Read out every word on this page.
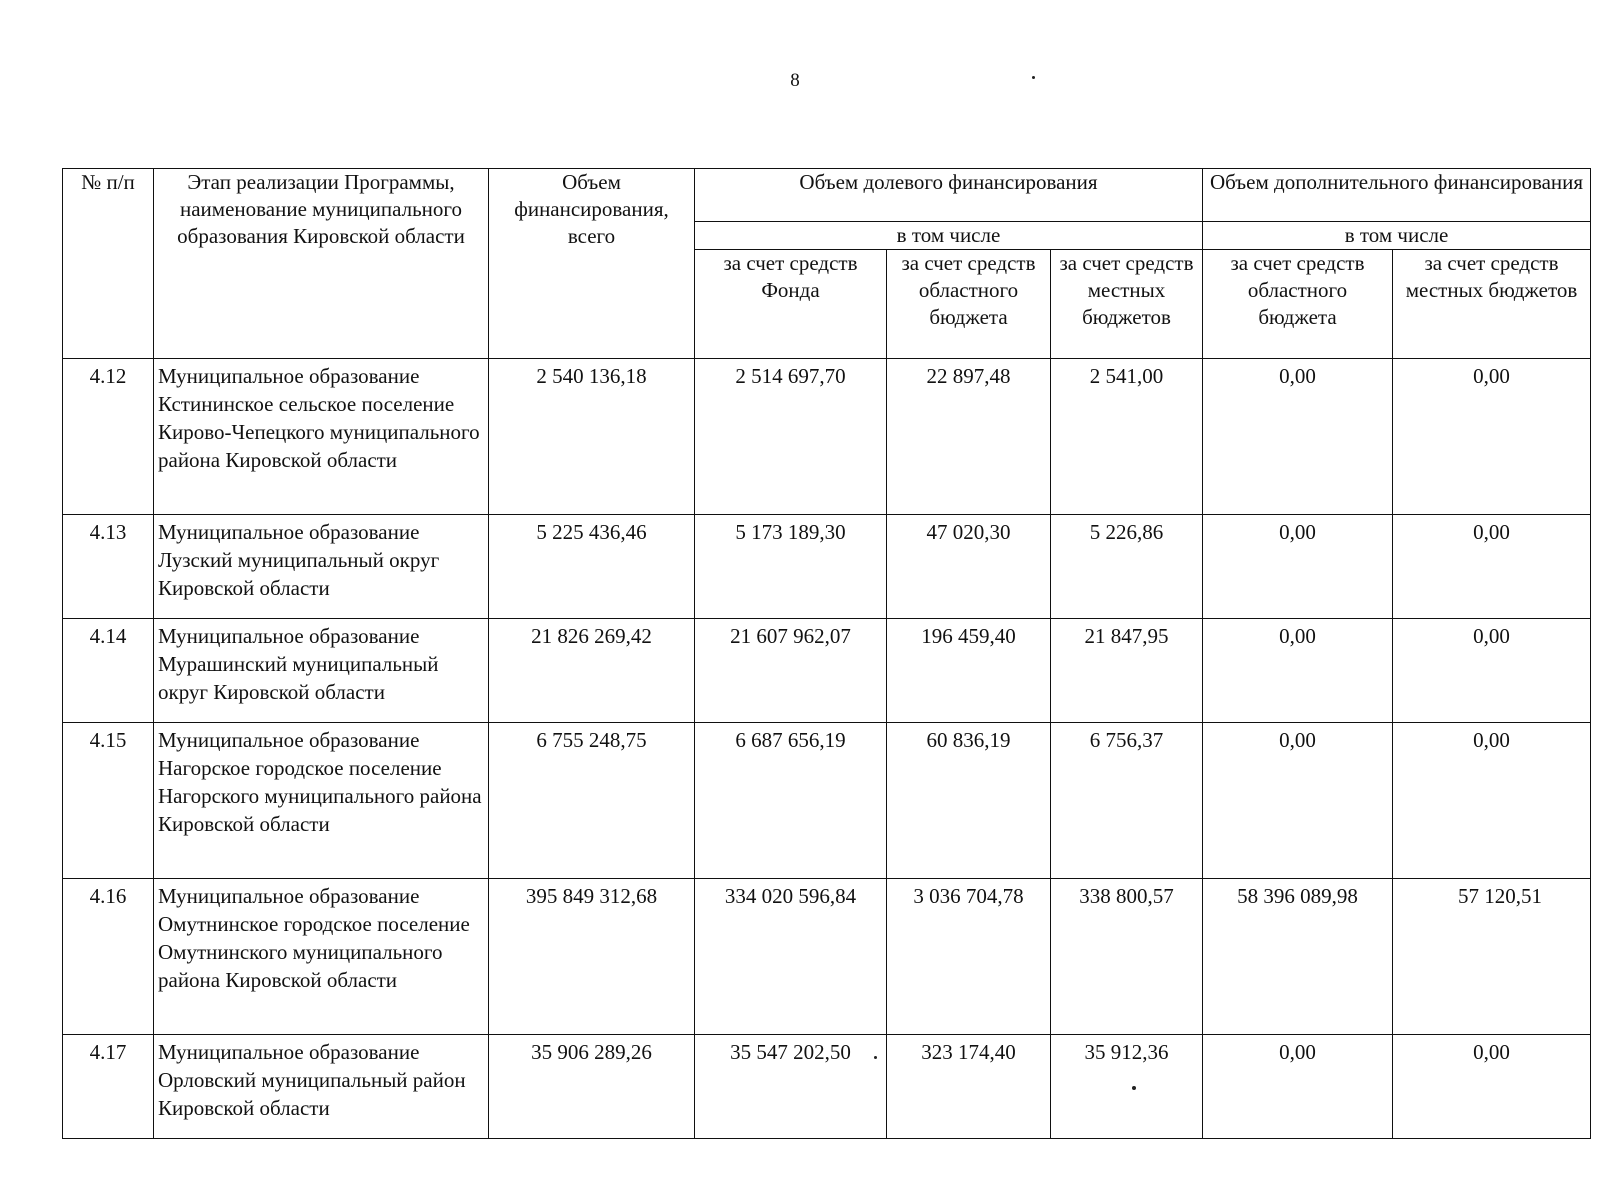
8
№ п/п	Этап реализации Программы, наименование муниципального образования Кировской области	Объем финансирования, всего	Объем долевого финансирования			Объем дополнительного финансирования	
			в том числе			в том числе	
			за счет средств Фонда	за счет средств областного бюджета	за счет средств местных бюджетов	за счет средств областного бюджета	за счет средств местных бюджетов
4.12	Муниципальное образование Кстининское сельское поселение Кирово-Чепецкого муниципального района Кировской области	2 540 136,18	2 514 697,70	22 897,48	2 541,00	0,00	0,00
4.13	Муниципальное образование Лузский муниципальный округ Кировской области	5 225 436,46	5 173 189,30	47 020,30	5 226,86	0,00	0,00
4.14	Муниципальное образование Мурашинский муниципальный округ Кировской области	21 826 269,42	21 607 962,07	196 459,40	21 847,95	0,00	0,00
4.15	Муниципальное образование Нагорское городское поселение Нагорского муниципального района Кировской области	6 755 248,75	6 687 656,19	60 836,19	6 756,37	0,00	0,00
4.16	Муниципальное образование Омутнинское городское поселение Омутнинского муниципального района Кировской области	395 849 312,68	334 020 596,84	3 036 704,78	338 800,57	58 396 089,98	57 120,51
4.17	Муниципальное образование Орловский муниципальный район Кировской области	35 906 289,26	35 547 202,50	323 174,40	35 912,36	0,00	0,00
